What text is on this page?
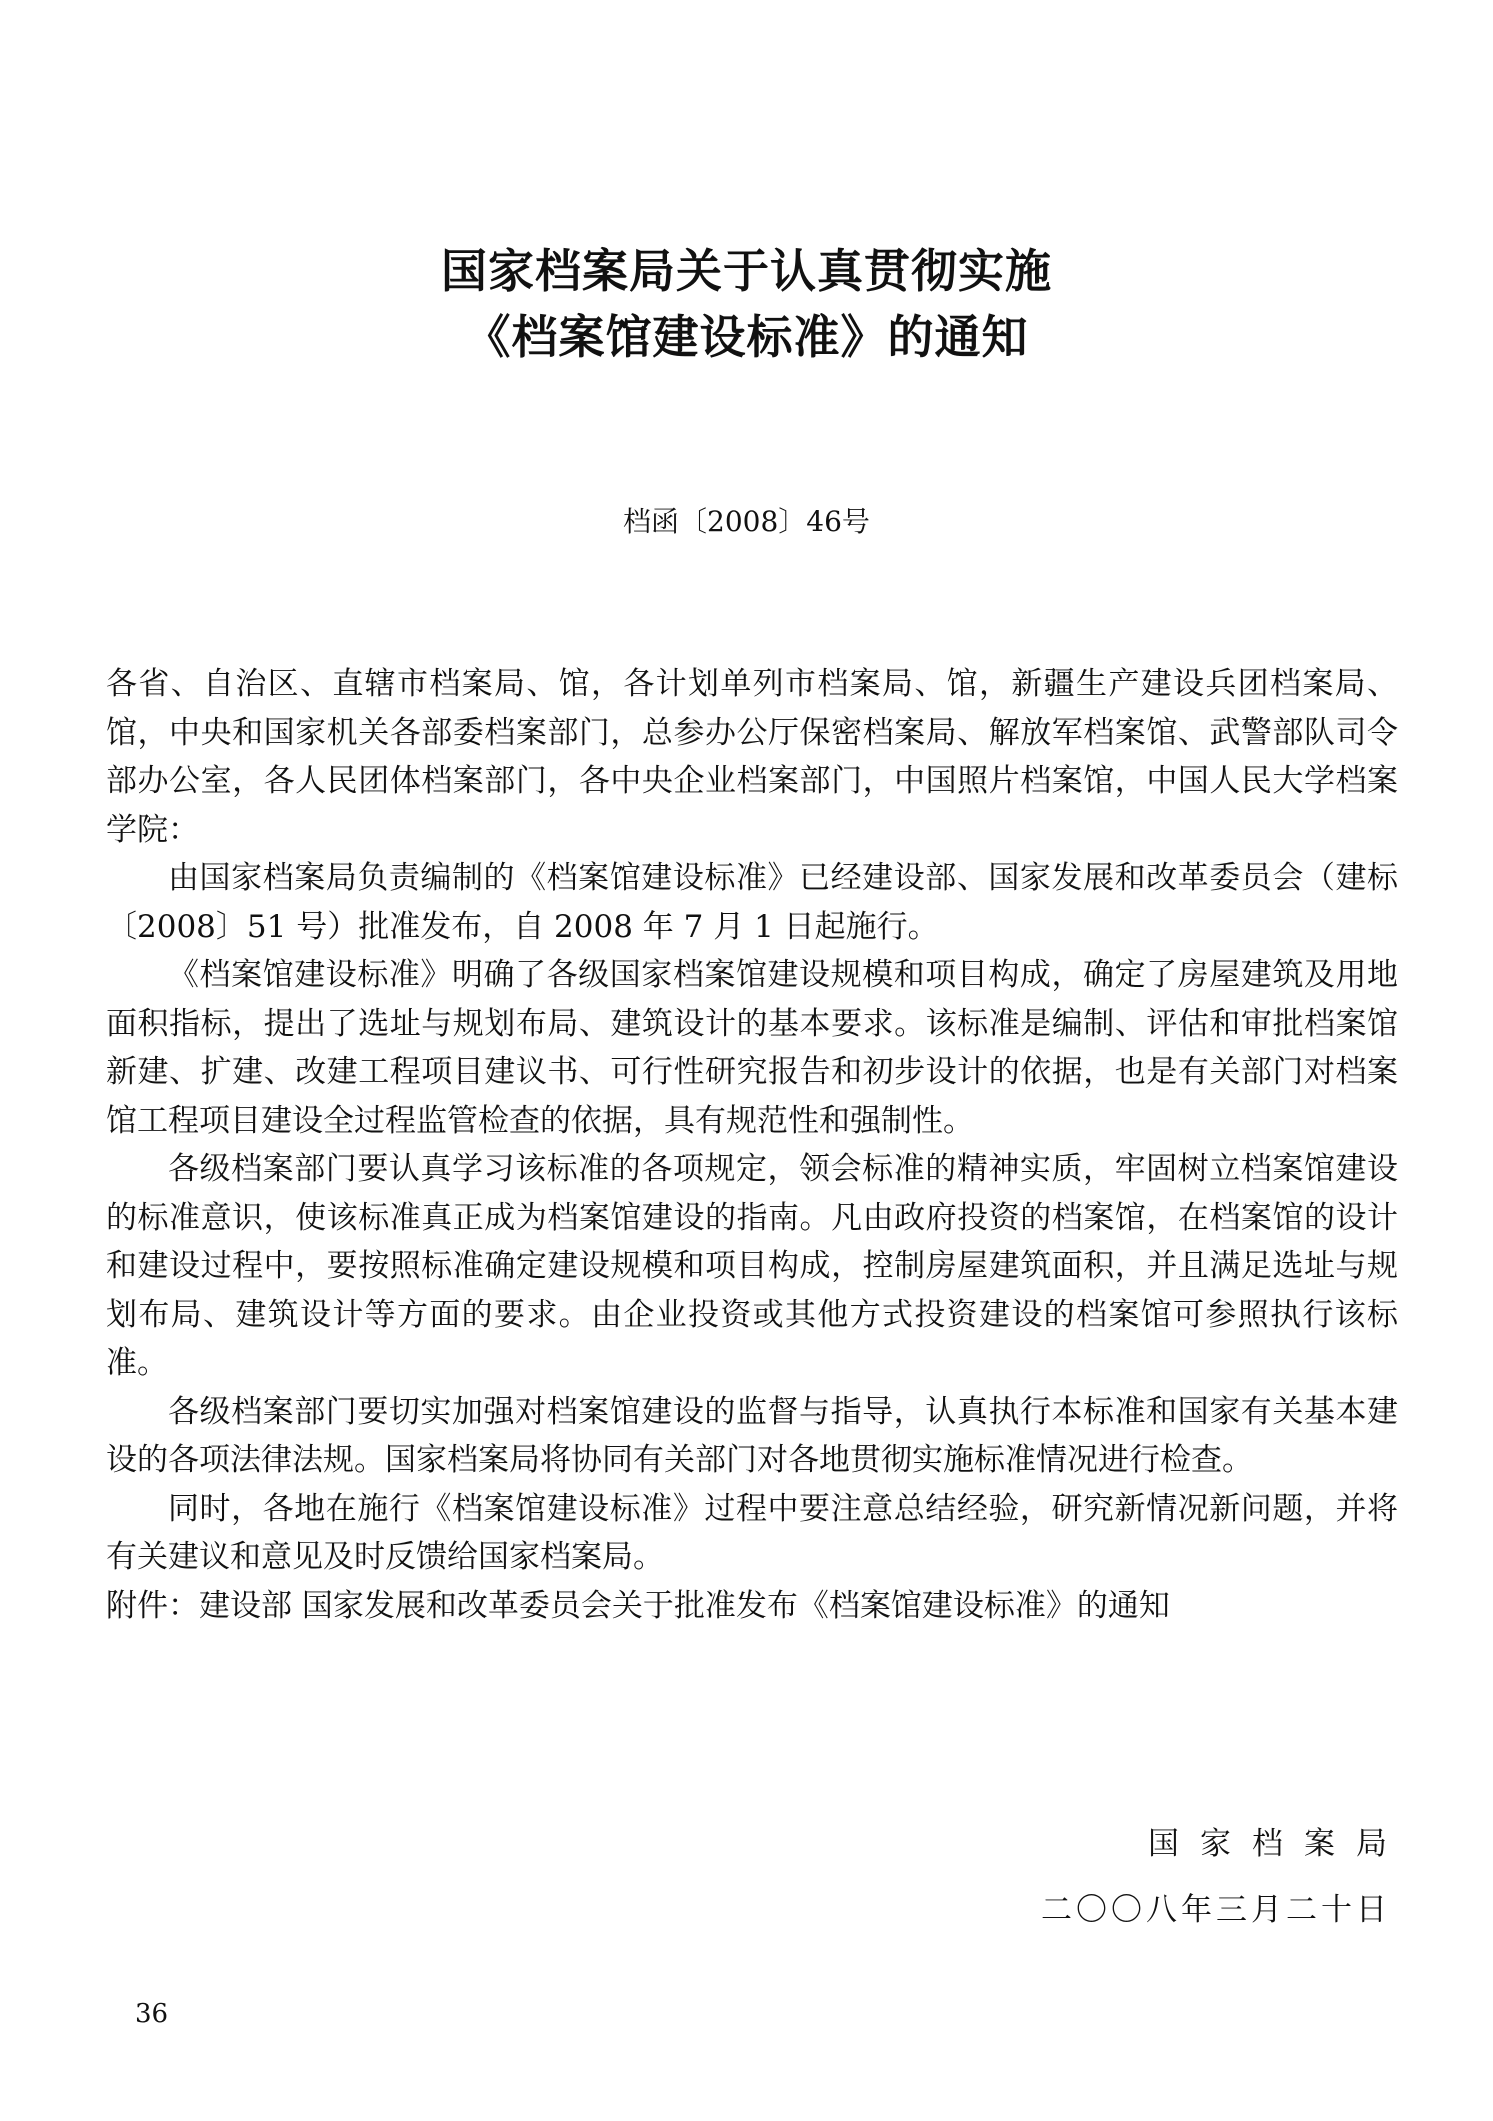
国家档案局关于认真贯彻实施
《档案馆建设标准》的通知
档函〔2008〕46号

各省、自治区、直辖市档案局、馆，各计划单列市档案局、馆，新疆生产建设兵团档案局、馆，中央和国家机关各部委档案部门，总参办公厅保密档案局、解放军档案馆、武警部队司令部办公室，各人民团体档案部门，各中央企业档案部门，中国照片档案馆，中国人民大学档案学院：

由国家档案局负责编制的《档案馆建设标准》已经建设部、国家发展和改革委员会（建标〔2008〕51 号）批准发布，自 2008 年 7 月 1 日起施行。

《档案馆建设标准》明确了各级国家档案馆建设规模和项目构成，确定了房屋建筑及用地面积指标，提出了选址与规划布局、建筑设计的基本要求。该标准是编制、评估和审批档案馆新建、扩建、改建工程项目建议书、可行性研究报告和初步设计的依据，也是有关部门对档案馆工程项目建设全过程监管检查的依据，具有规范性和强制性。

各级档案部门要认真学习该标准的各项规定，领会标准的精神实质，牢固树立档案馆建设的标准意识，使该标准真正成为档案馆建设的指南。凡由政府投资的档案馆，在档案馆的设计和建设过程中，要按照标准确定建设规模和项目构成，控制房屋建筑面积，并且满足选址与规划布局、建筑设计等方面的要求。由企业投资或其他方式投资建设的档案馆可参照执行该标准。

各级档案部门要切实加强对档案馆建设的监督与指导，认真执行本标准和国家有关基本建设的各项法律法规。国家档案局将协同有关部门对各地贯彻实施标准情况进行检查。

同时，各地在施行《档案馆建设标准》过程中要注意总结经验，研究新情况新问题，并将有关建议和意见及时反馈给国家档案局。

附件：建设部 国家发展和改革委员会关于批准发布《档案馆建设标准》的通知

国家档案局
二〇〇八年三月二十日
36
